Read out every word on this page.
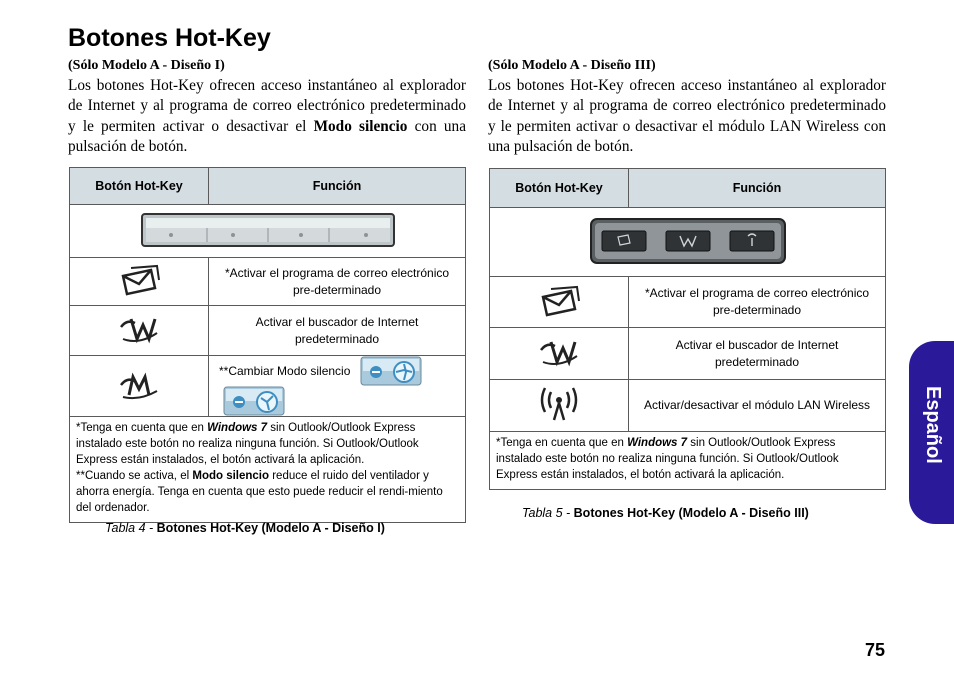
Botones Hot-Key

(Sólo Modelo A - Diseño I)

Los botones Hot-Key ofrecen acceso instantáneo al explorador de Internet y al programa de correo electrónico predeterminado y le permiten activar o desactivar el Modo silencio con una pulsación de botón.

(Sólo Modelo A - Diseño III)

Los botones Hot-Key ofrecen acceso instantáneo al explorador de Internet y al programa de correo electrónico predeterminado y le permiten activar o desactivar el módulo LAN Wireless con una pulsación de botón.

Botón Hot-Key	Función

	*Activar el programa de correo electrónico pre-determinado
	Activar el buscador de Internet predeterminado
	**Cambiar Modo silencio

*Tenga en cuenta que en Windows 7 sin Outlook/Outlook Express instalado este botón no realiza ninguna función. Si Outlook/Outlook Express están instalados, el botón activará la aplicación.
**Cuando se activa, el Modo silencio reduce el ruido del ventilador y ahorra energía. Tenga en cuenta que esto puede reducir el rendi-miento del ordenador.	
Tabla 4 - Botones Hot-Key (Modelo A - Diseño I)
Botón Hot-Key	Función

	*Activar el programa de correo electrónico pre-determinado
	Activar el buscador de Internet predeterminado
	Activar/desactivar el módulo LAN Wireless

*Tenga en cuenta que en Windows 7 sin Outlook/Outlook Express instalado este botón no realiza ninguna función. Si Outlook/Outlook Express están instalados, el botón activará la aplicación.	
Tabla 5 - Botones Hot-Key (Modelo A - Diseño III)
Español
75
